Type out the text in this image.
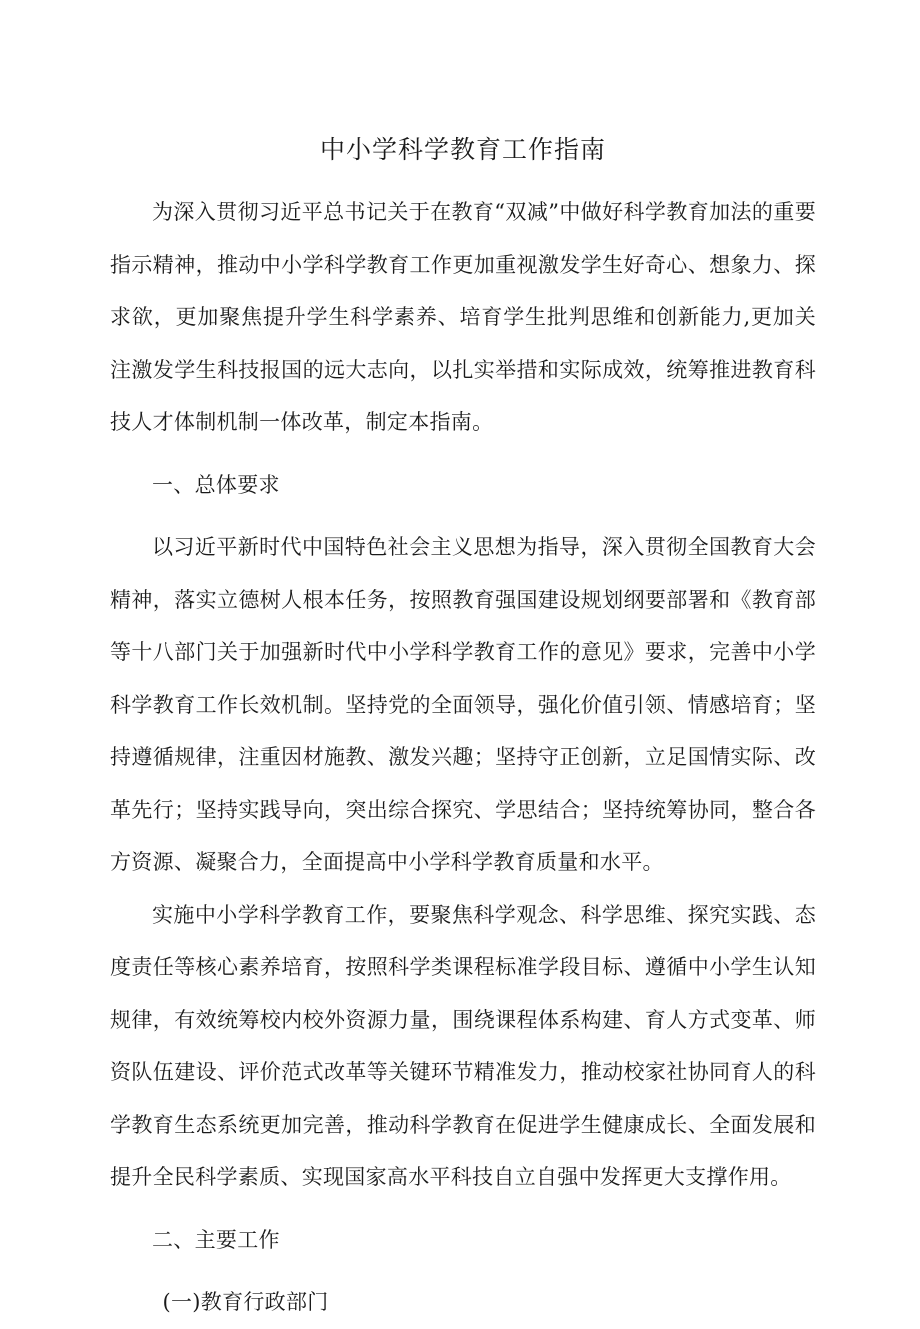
中小学科学教育工作指南

为深入贯彻习近平总书记关于在教育“双减”中做好科学教育加法的重要指示精神，推动中小学科学教育工作更加重视激发学生好奇心、想象力、探求欲，更加聚焦提升学生科学素养、培育学生批判思维和创新能力,更加关注激发学生科技报国的远大志向，以扎实举措和实际成效，统筹推进教育科技人才体制机制一体改革，制定本指南。

一、总体要求

以习近平新时代中国特色社会主义思想为指导，深入贯彻全国教育大会精神，落实立德树人根本任务，按照教育强国建设规划纲要部署和《教育部等十八部门关于加强新时代中小学科学教育工作的意见》要求，完善中小学科学教育工作长效机制。坚持党的全面领导，强化价值引领、情感培育；坚持遵循规律，注重因材施教、激发兴趣；坚持守正创新，立足国情实际、改革先行；坚持实践导向，突出综合探究、学思结合；坚持统筹协同，整合各方资源、凝聚合力，全面提高中小学科学教育质量和水平。

实施中小学科学教育工作，要聚焦科学观念、科学思维、探究实践、态度责任等核心素养培育，按照科学类课程标准学段目标、遵循中小学生认知规律，有效统筹校内校外资源力量，围绕课程体系构建、育人方式变革、师资队伍建设、评价范式改革等关键环节精准发力，推动校家社协同育人的科学教育生态系统更加完善，推动科学教育在促进学生健康成长、全面发展和提升全民科学素质、实现国家高水平科技自立自强中发挥更大支撑作用。

二、主要工作

(一)教育行政部门
